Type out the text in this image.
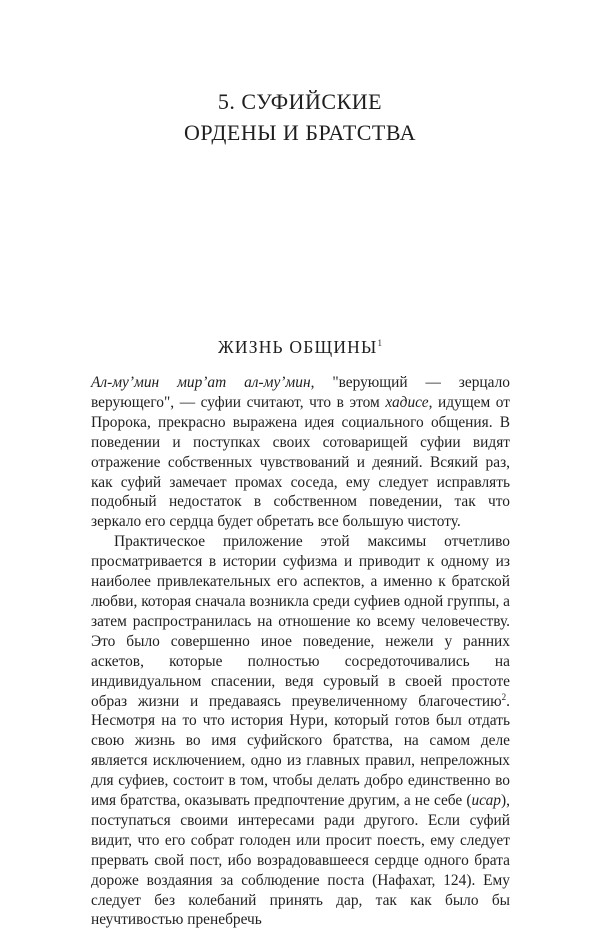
5. СУФИЙСКИЕ
ОРДЕНЫ И БРАТСТВА
ЖИЗНЬ ОБЩИНЫ$^1$

Ал-му’мин мир’ат ал-му’мин, "верующий — зерцало верующего", — суфии считают, что в этом хадисе, идущем от Пророка, прекрасно выражена идея социального общения. В поведении и поступках своих сотоварищей суфии видят отражение собственных чувствований и деяний. Всякий раз, как суфий замечает промах соседа, ему следует исправлять подобный недостаток в собственном поведении, так что зеркало его сердца будет обретать все большую чистоту.

Практическое приложение этой максимы отчетливо просматривается в истории суфизма и приводит к одному из наиболее привлекательных его аспектов, а именно к братской любви, которая сначала возникла среди суфиев одной группы, а затем распространилась на отношение ко всему человечеству. Это было совершенно иное поведение, нежели у ранних аскетов, которые полностью сосредоточивались на индивидуальном спасении, ведя суровый в своей простоте образ жизни и предаваясь преувеличенному благочестию$^2$. Несмотря на то что история Нури, который готов был отдать свою жизнь во имя суфийского братства, на самом деле является исключением, одно из главных правил, непреложных для суфиев, состоит в том, чтобы делать добро единственно во имя братства, оказывать предпочтение другим, а не себе (исар), поступаться своими интересами ради другого. Если суфий видит, что его собрат голоден или просит поесть, ему следует прервать свой пост, ибо возрадовавшееся сердце одного брата дороже воздаяния за соблюдение поста (Нафахат, 124). Ему следует без колебаний принять дар, так как было бы неучтивостью пренебречь
